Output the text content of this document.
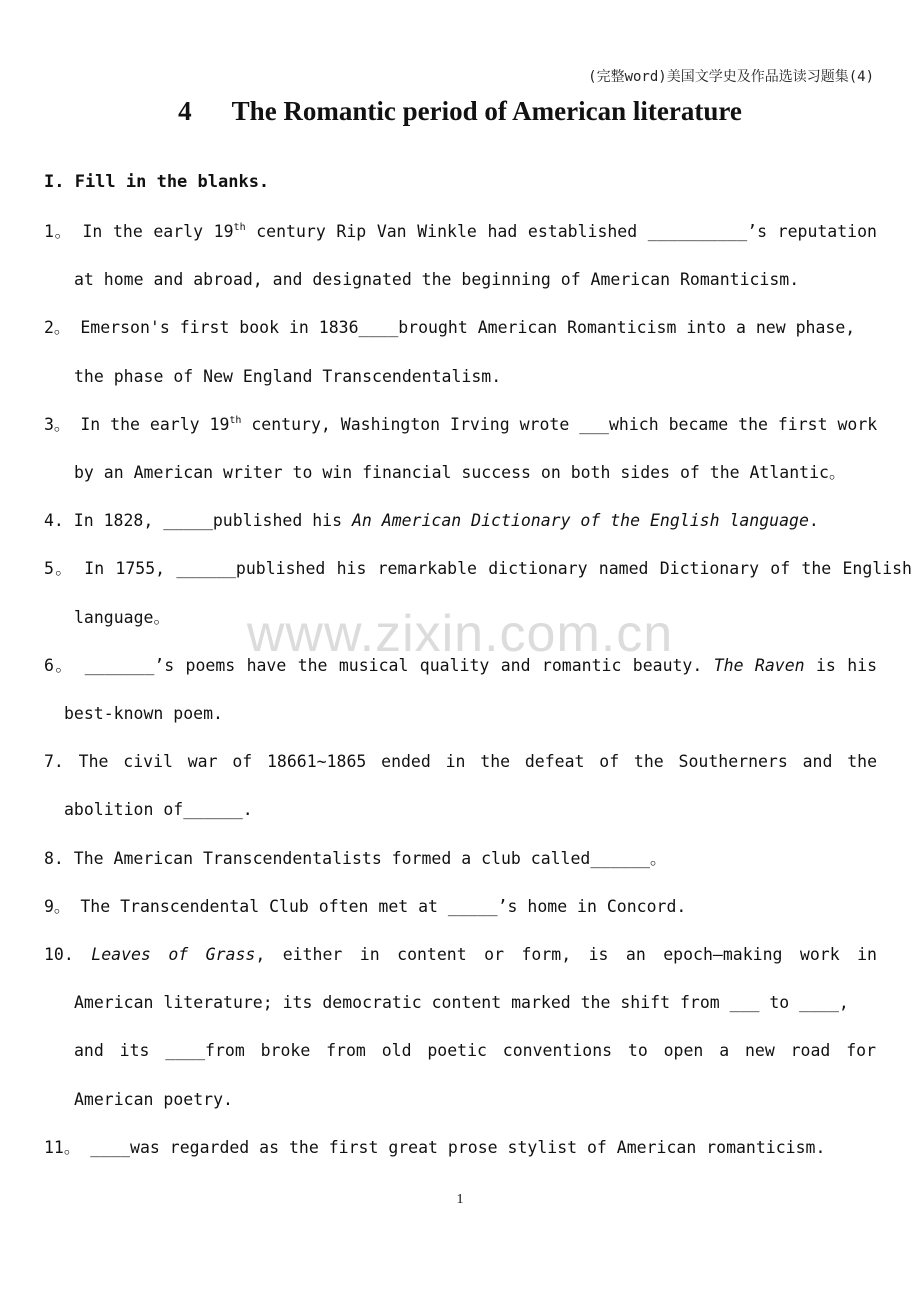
(完整word)美国文学史及作品选读习题集(4)
4      The Romantic period of American literature
I. Fill in the blanks.
1。 In the early 19th century Rip Van Winkle had established __________’s reputation
at home and abroad, and designated the beginning of American Romanticism.
2。 Emerson's first book in 1836____brought American Romanticism into a new phase,
the phase of New England Transcendentalism.
3。 In the early 19th century, Washington Irving wrote ___which became the first work
by an American writer to win financial success on both sides of the Atlantic。
4. In 1828, _____published his An American Dictionary of the English language.
5。 In 1755, ______published his remarkable dictionary named Dictionary of the English
language。
6。 _______’s poems have the musical quality and romantic beauty. The Raven is his
best-known poem.
7. The civil war of 18661~1865 ended in the defeat of the Southerners and the
abolition of______.
8. The American Transcendentalists formed a club called______。
9。 The Transcendental Club often met at _____’s home in Concord.
10. Leaves of Grass, either in content or form, is an epoch—making work in
American literature; its democratic content marked the shift from ___ to ____,
and its ____from broke from old poetic conventions to open a new road for
American poetry.
11。 ____was regarded as the first great prose stylist of American romanticism.
www.zixin.com.cn
1
